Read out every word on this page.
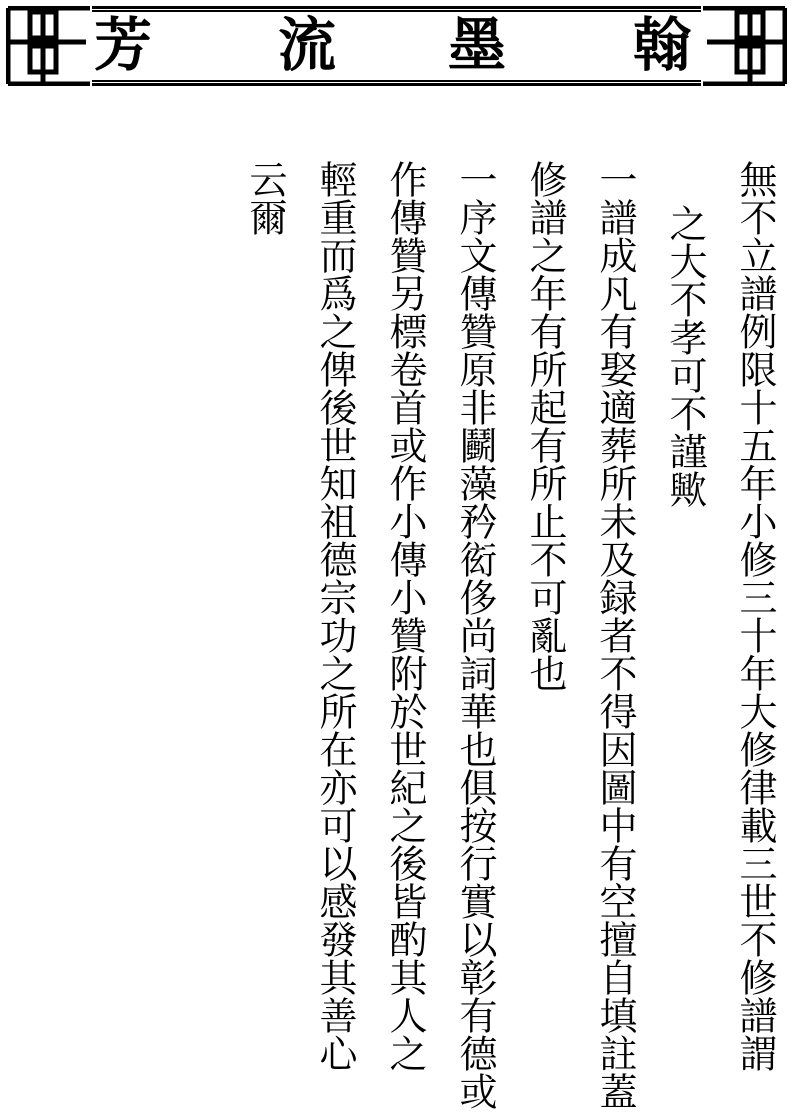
芳 流 墨 翰
無不立譜例限十五年小修三十年大修律載三世不修譜謂
之大不孝可不謹歟
一譜成凡有娶適葬所未及録者不得因圖中有空擅自填註蓋
修譜之年有所起有所止不可亂也
一序文傳贊原非鬬藻矜衒侈尚詞華也俱按行實以彰有德或
作傳贊另標卷首或作小傳小贊附於世紀之後皆酌其人之
輕重而爲之俾後世知祖德宗功之所在亦可以感發其善心
云爾
